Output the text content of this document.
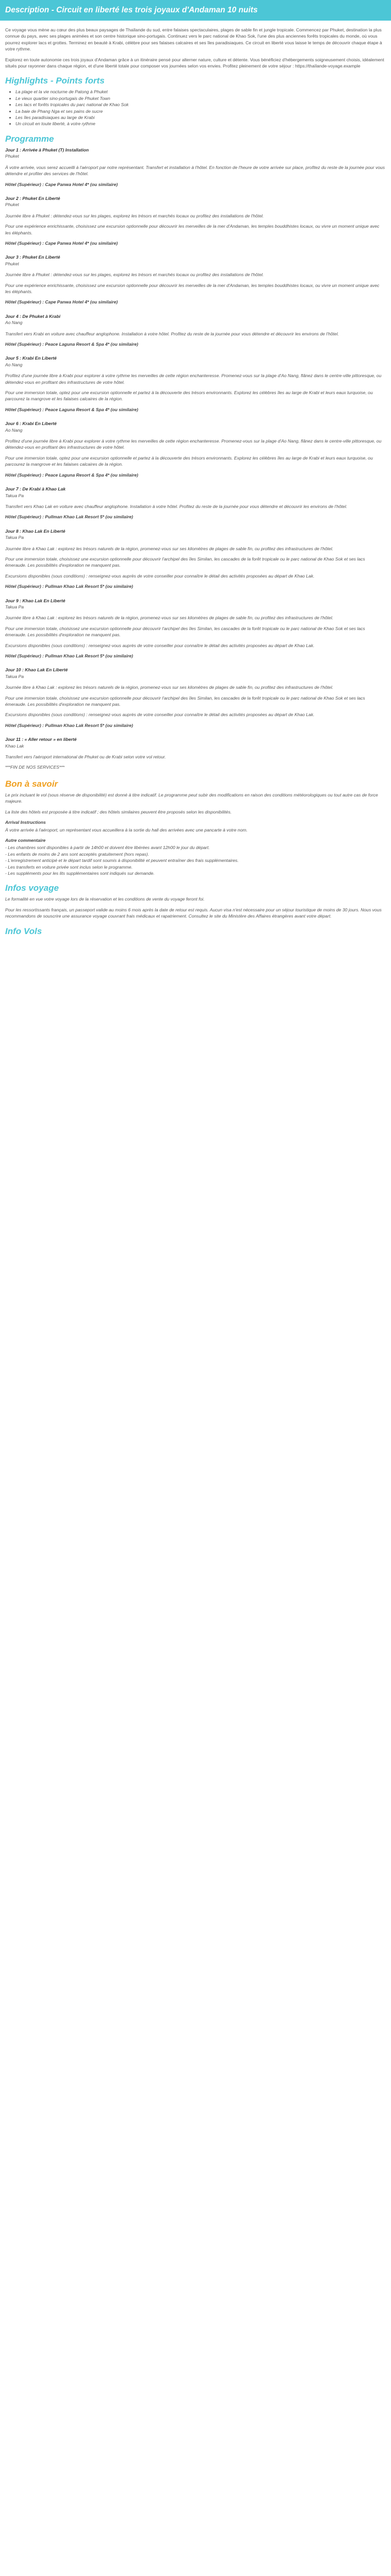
Description - Circuit en liberté les trois joyaux d'Andaman 10 nuits

Ce voyage vous mène au cœur des plus beaux paysages de Thaïlande du sud, entre falaises spectaculaires, plages de sable fin et jungle tropicale. Commencez par Phuket, destination la plus connue du pays, avec ses plages animées et son centre historique sino-portugais. Continuez vers le parc national de Khao Sok, l'une des plus anciennes forêts tropicales du monde, où vous pourrez explorer lacs et grottes. Terminez en beauté à Krabi, célèbre pour ses falaises calcaires et ses îles paradisiaques. Ce circuit en liberté vous laisse le temps de découvrir chaque étape à votre rythme.

Explorez en toute autonomie ces trois joyaux d'Andaman grâce à un itinéraire pensé pour alterner nature, culture et détente. Vous bénéficiez d'hébergements soigneusement choisis, idéalement situés pour rayonner dans chaque région, et d'une liberté totale pour composer vos journées selon vos envies. Profitez pleinement de votre séjour : https://thaïlande-voyage.example

Highlights - Points forts
• La plage et la vie nocturne de Patong à Phuket
• Le vieux quartier sino-portugais de Phuket Town
• Les lacs et forêts tropicales du parc national de Khao Sok
• La baie de Phang Nga et ses pains de sucre
• Les îles paradisiaques au large de Krabi
• Un circuit en toute liberté, à votre rythme
Programme
Jour 1 : Arrivée à Phuket (T) Installation
Phuket

À votre arrivée, vous serez accueilli à l'aéroport par notre représentant. Transfert et installation à l'hôtel. En fonction de l'heure de votre arrivée sur place, profitez du reste de la journée pour vous détendre et profiter des services de l'hôtel.

Hôtel (Supérieur) : Cape Panwa Hotel 4* (ou similaire)
Jour 2 : Phuket En Liberté
Phuket

Journée libre à Phuket : détendez-vous sur les plages, explorez les trésors et marchés locaux ou profitez des installations de l'hôtel.

Pour une expérience enrichissante, choisissez une excursion optionnelle pour découvrir les merveilles de la mer d'Andaman, les temples bouddhistes locaux, ou vivre un moment unique avec les éléphants.

Hôtel (Supérieur) : Cape Panwa Hotel 4* (ou similaire)
Jour 3 : Phuket En Liberté
Phuket

Journée libre à Phuket : détendez-vous sur les plages, explorez les trésors et marchés locaux ou profitez des installations de l'hôtel.

Pour une expérience enrichissante, choisissez une excursion optionnelle pour découvrir les merveilles de la mer d'Andaman, les temples bouddhistes locaux, ou vivre un moment unique avec les éléphants.

Hôtel (Supérieur) : Cape Panwa Hotel 4* (ou similaire)
Jour 4 : De Phuket à Krabi
Ao Nang

Transfert vers Krabi en voiture avec chauffeur anglophone. Installation à votre hôtel. Profitez du reste de la journée pour vous détendre et découvrir les environs de l'hôtel.

Hôtel (Supérieur) : Peace Laguna Resort & Spa 4* (ou similaire)
Jour 5 : Krabi En Liberté
Ao Nang

Profitez d'une journée libre à Krabi pour explorer à votre rythme les merveilles de cette région enchanteresse. Promenez-vous sur la plage d'Ao Nang, flânez dans le centre-ville pittoresque, ou détendez-vous en profitant des infrastructures de votre hôtel.

Pour une immersion totale, optez pour une excursion optionnelle et partez à la découverte des trésors environnants. Explorez les célèbres îles au large de Krabi et leurs eaux turquoise, ou parcourez la mangrove et les falaises calcaires de la région.

Hôtel (Supérieur) : Peace Laguna Resort & Spa 4* (ou similaire)
Jour 6 : Krabi En Liberté
Ao Nang

Profitez d'une journée libre à Krabi pour explorer à votre rythme les merveilles de cette région enchanteresse. Promenez-vous sur la plage d'Ao Nang, flânez dans le centre-ville pittoresque, ou détendez-vous en profitant des infrastructures de votre hôtel.

Pour une immersion totale, optez pour une excursion optionnelle et partez à la découverte des trésors environnants. Explorez les célèbres îles au large de Krabi et leurs eaux turquoise, ou parcourez la mangrove et les falaises calcaires de la région.

Hôtel (Supérieur) : Peace Laguna Resort & Spa 4* (ou similaire)
Jour 7 : De Krabi à Khao Lak
Takua Pa

Transfert vers Khao Lak en voiture avec chauffeur anglophone. Installation à votre hôtel. Profitez du reste de la journée pour vous détendre et découvrir les environs de l'hôtel.

Hôtel (Supérieur) : Pullman Khao Lak Resort 5* (ou similaire)
Jour 8 : Khao Lak En Liberté
Takua Pa

Journée libre à Khao Lak : explorez les trésors naturels de la région, promenez-vous sur ses kilomètres de plages de sable fin, ou profitez des infrastructures de l'hôtel.

Pour une immersion totale, choisissez une excursion optionnelle pour découvrir l'archipel des îles Similan, les cascades de la forêt tropicale ou le parc national de Khao Sok et ses lacs émeraude. Les possibilités d'exploration ne manquent pas.

Excursions disponibles (sous conditions) : renseignez-vous auprès de votre conseiller pour connaître le détail des activités proposées au départ de Khao Lak.

Hôtel (Supérieur) : Pullman Khao Lak Resort 5* (ou similaire)
Jour 9 : Khao Lak En Liberté
Takua Pa

Journée libre à Khao Lak : explorez les trésors naturels de la région, promenez-vous sur ses kilomètres de plages de sable fin, ou profitez des infrastructures de l'hôtel.

Pour une immersion totale, choisissez une excursion optionnelle pour découvrir l'archipel des îles Similan, les cascades de la forêt tropicale ou le parc national de Khao Sok et ses lacs émeraude. Les possibilités d'exploration ne manquent pas.

Excursions disponibles (sous conditions) : renseignez-vous auprès de votre conseiller pour connaître le détail des activités proposées au départ de Khao Lak.

Hôtel (Supérieur) : Pullman Khao Lak Resort 5* (ou similaire)
Jour 10 : Khao Lak En Liberté
Takua Pa

Journée libre à Khao Lak : explorez les trésors naturels de la région, promenez-vous sur ses kilomètres de plages de sable fin, ou profitez des infrastructures de l'hôtel.

Pour une immersion totale, choisissez une excursion optionnelle pour découvrir l'archipel des îles Similan, les cascades de la forêt tropicale ou le parc national de Khao Sok et ses lacs émeraude. Les possibilités d'exploration ne manquent pas.

Excursions disponibles (sous conditions) : renseignez-vous auprès de votre conseiller pour connaître le détail des activités proposées au départ de Khao Lak.

Hôtel (Supérieur) : Pullman Khao Lak Resort 5* (ou similaire)
Jour 11 : « Aller retour » en liberté
Khao Lak

Transfert vers l'aéroport international de Phuket ou de Krabi selon votre vol retour.

***FIN DE NOS SERVICES***

Bon à savoir

Le prix incluant le vol (sous réserve de disponibilité) est donné à titre indicatif. Le programme peut subir des modifications en raison des conditions météorologiques ou tout autre cas de force majeure.

La liste des hôtels est proposée à titre indicatif ; des hôtels similaires peuvent être proposés selon les disponibilités.

Arrival Instructions

À votre arrivée à l'aéroport, un représentant vous accueillera à la sortie du hall des arrivées avec une pancarte à votre nom.

Autre commentaire

- Les chambres sont disponibles à partir de 14h00 et doivent être libérées avant 12h00 le jour du départ.

- Les enfants de moins de 2 ans sont acceptés gratuitement (hors repas).

- L'enregistrement anticipé et le départ tardif sont soumis à disponibilité et peuvent entraîner des frais supplémentaires.

- Les transferts en voiture privée sont inclus selon le programme.

- Les suppléments pour les lits supplémentaires sont indiqués sur demande.

Infos voyage

Le formalité en vue votre voyage lors de la réservation et les conditions de vente du voyage feront foi.

Pour les ressortissants français, un passeport valide au moins 6 mois après la date de retour est requis. Aucun visa n'est nécessaire pour un séjour touristique de moins de 30 jours. Nous vous recommandons de souscrire une assurance voyage couvrant frais médicaux et rapatriement. Consultez le site du Ministère des Affaires étrangères avant votre départ.

Info Vols
